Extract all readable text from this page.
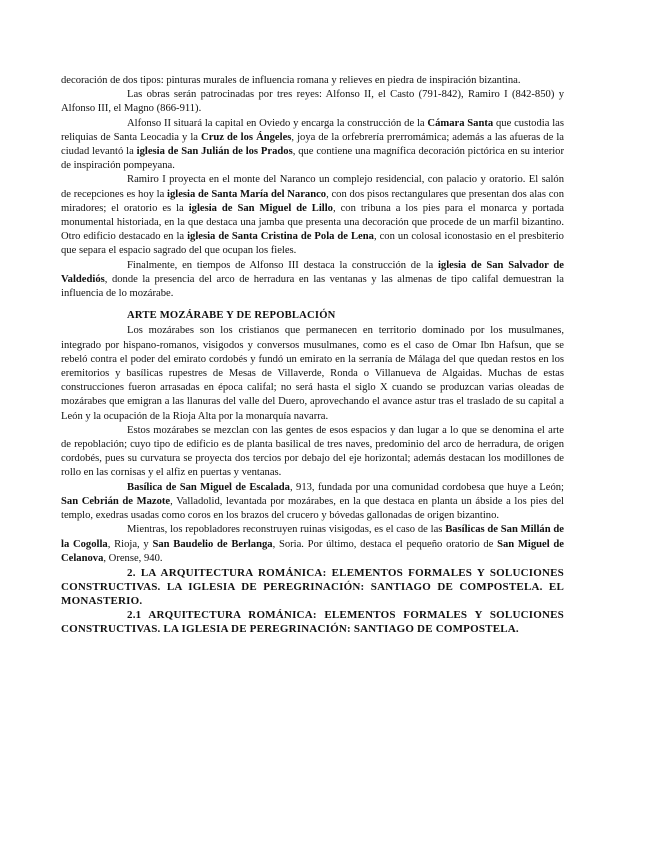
decoración de dos tipos: pinturas murales de influencia romana y relieves en piedra de inspiración bizantina.

Las obras serán patrocinadas por tres reyes: Alfonso II, el Casto (791-842), Ramiro I (842-850) y Alfonso III, el Magno (866-911).

Alfonso II situará la capital en Oviedo y encarga la construcción de la Cámara Santa que custodia las reliquias de Santa Leocadia y la Cruz de los Ángeles, joya de la orfebrería prerromámica; además a las afueras de la ciudad levantó la iglesia de San Julián de los Prados, que contiene una magnífica decoración pictórica en su interior de inspiración pompeyana.

Ramiro I proyecta en el monte del Naranco un complejo residencial, con palacio y oratorio. El salón de recepciones es hoy la iglesia de Santa María del Naranco, con dos pisos rectangulares que presentan dos alas con miradores; el oratorio es la iglesia de San Miguel de Lillo, con tribuna a los pies para el monarca y portada monumental historiada, en la que destaca una jamba que presenta una decoración que procede de un marfil bizantino. Otro edificio destacado en la iglesia de Santa Cristina de Pola de Lena, con un colosal iconostasio en el presbiterio que separa el espacio sagrado del que ocupan los fieles.

Finalmente, en tiempos de Alfonso III destaca la construcción de la iglesia de San Salvador de Valdediós, donde la presencia del arco de herradura en las ventanas y las almenas de tipo califal demuestran la influencia de lo mozárabe.

ARTE MOZÁRABE Y DE REPOBLACIÓN

Los mozárabes son los cristianos que permanecen en territorio dominado por los musulmanes, integrado por hispano-romanos, visigodos y conversos musulmanes, como es el caso de Omar Ibn Hafsun, que se rebeló contra el poder del emirato cordobés y fundó un emirato en la serranía de Málaga del que quedan restos en los eremitorios y basílicas rupestres de Mesas de Villaverde, Ronda o Villanueva de Algaidas. Muchas de estas construcciones fueron arrasadas en época califal; no será hasta el siglo X cuando se produzcan varias oleadas de mozárabes que emigran a las llanuras del valle del Duero, aprovechando el avance astur tras el traslado de su capital a León y la ocupación de la Rioja Alta por la monarquía navarra.

Estos mozárabes se mezclan con las gentes de esos espacios y dan lugar a lo que se denomina el arte de repoblación; cuyo tipo de edificio es de planta basilical de tres naves, predominio del arco de herradura, de origen cordobés, pues su curvatura se proyecta dos tercios por debajo del eje horizontal; además destacan los modillones de rollo en las cornisas y el alfiz en puertas y ventanas.

Basílica de San Miguel de Escalada, 913, fundada por una comunidad cordobesa que huye a León; San Cebrián de Mazote, Valladolid, levantada por mozárabes, en la que destaca en planta un ábside a los pies del templo, exedras usadas como coros en los brazos del crucero y bóvedas gallonadas de origen bizantino.

Mientras, los repobladores reconstruyen ruinas visigodas, es el caso de las Basílicas de San Millán de la Cogolla, Rioja, y San Baudelio de Berlanga, Soria. Por último, destaca el pequeño oratorio de San Miguel de Celanova, Orense, 940.

2. LA ARQUITECTURA ROMÁNICA: ELEMENTOS FORMALES Y SOLUCIONES CONSTRUCTIVAS. LA IGLESIA DE PEREGRINACIÓN: SANTIAGO DE COMPOSTELA. EL MONASTERIO.

2.1 ARQUITECTURA ROMÁNICA: ELEMENTOS FORMALES Y SOLUCIONES CONSTRUCTIVAS. LA IGLESIA DE PEREGRINACIÓN: SANTIAGO DE COMPOSTELA.
